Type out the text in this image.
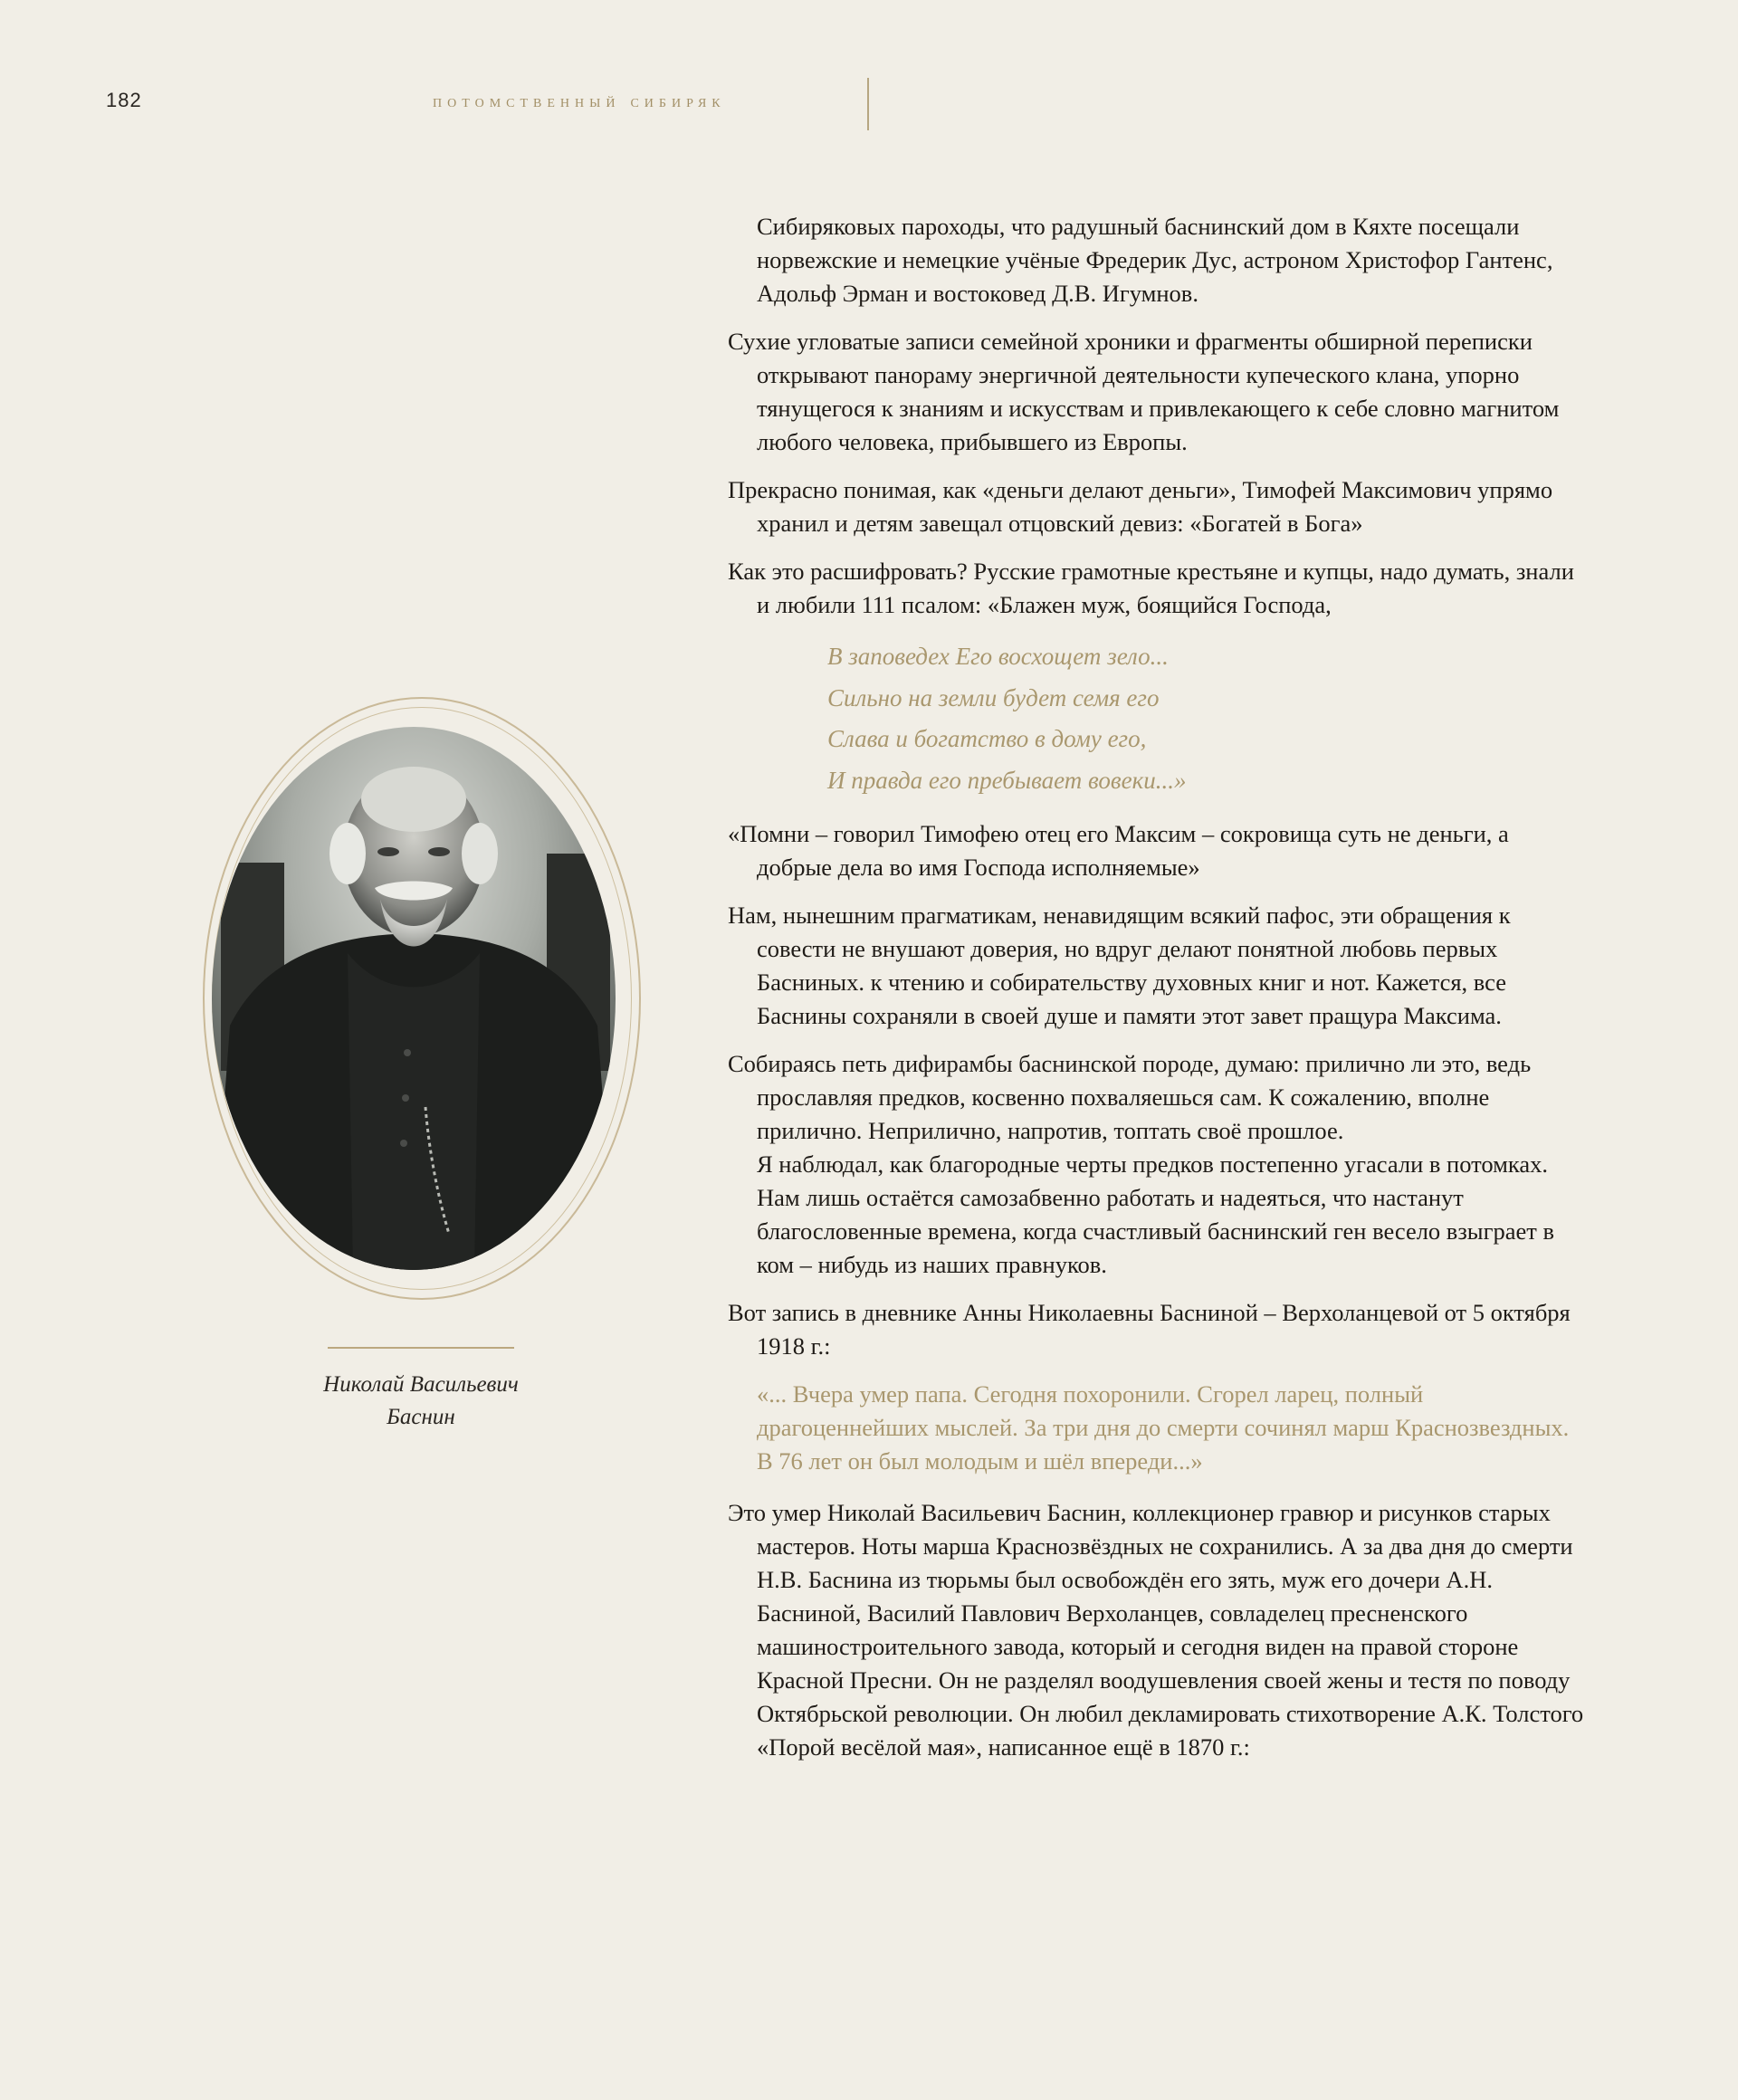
182	потомственный сибиряк
Николай Васильевич
Баснин

Сибиряковых пароходы, что радушный баснинский дом в Кяхте посещали норвежские и немецкие учёные Фредерик Дус, астроном Христофор Гантенс, Адольф Эрман и востоковед Д.В. Игумнов.

Сухие угловатые записи семейной хроники и фрагменты обширной переписки открывают панораму энергичной деятельности купеческого клана, упорно тянущегося к знаниям и искусствам и привлекающего к себе словно магнитом любого человека, прибывшего из Европы.

Прекрасно понимая, как «деньги делают деньги», Тимофей Максимович упрямо хранил и детям завещал отцовский девиз: «Богатей в Бога»

Как это расшифровать? Русские грамотные крестьяне и купцы, надо думать, знали и любили 111 псалом: «Блажен муж, боящийся Господа,

В заповедех Его восхощет зело...
Сильно на земли будет семя его
Слава и богатство в дому его,
И правда его пребывает вовеки...»

«Помни – говорил Тимофею отец его Максим – сокровища суть не деньги, а добрые дела во имя Господа исполняемые»

Нам, нынешним прагматикам, ненавидящим всякий пафос, эти обращения к совести не внушают доверия, но вдруг делают понятной любовь первых Басниных. к чтению и собирательству духовных книг и нот. Кажется, все Баснины сохраняли в своей душе и памяти этот завет пращура Максима.

Собираясь петь дифирамбы баснинской породе, думаю: прилично ли это, ведь прославляя предков, косвенно похваляешься сам. К сожалению, вполне прилично. Неприлично, напротив, топтать своё прошлое.

Я наблюдал, как благородные черты предков постепенно угасали в потомках. Нам лишь остаётся самозабвенно работать и надеяться, что настанут благословенные времена, когда счастливый баснинский ген весело взыграет в ком – нибудь из наших правнуков.

Вот запись в дневнике Анны Николаевны Басниной – Верхоланцевой от 5 октября 1918 г.:

«... Вчера умер папа. Сегодня похоронили. Сгорел ларец, полный драгоценнейших мыслей. За три дня до смерти сочинял марш Краснозвездных. В 76 лет он был молодым и шёл впереди...»

Это умер Николай Васильевич Баснин, коллекционер гравюр и рисунков старых мастеров. Ноты марша Краснозвёздных не сохранились. А за два дня до смерти Н.В. Баснина из тюрьмы был освобождён его зять, муж его дочери А.Н. Басниной, Василий Павлович Верхоланцев, совладелец пресненского машиностроительного завода, который и сегодня виден на правой стороне Красной Пресни. Он не разделял воодушевления своей жены и тестя по поводу Октябрьской революции. Он любил декламировать стихотворение А.К. Толстого «Порой весёлой мая», написанное ещё в 1870 г.:
